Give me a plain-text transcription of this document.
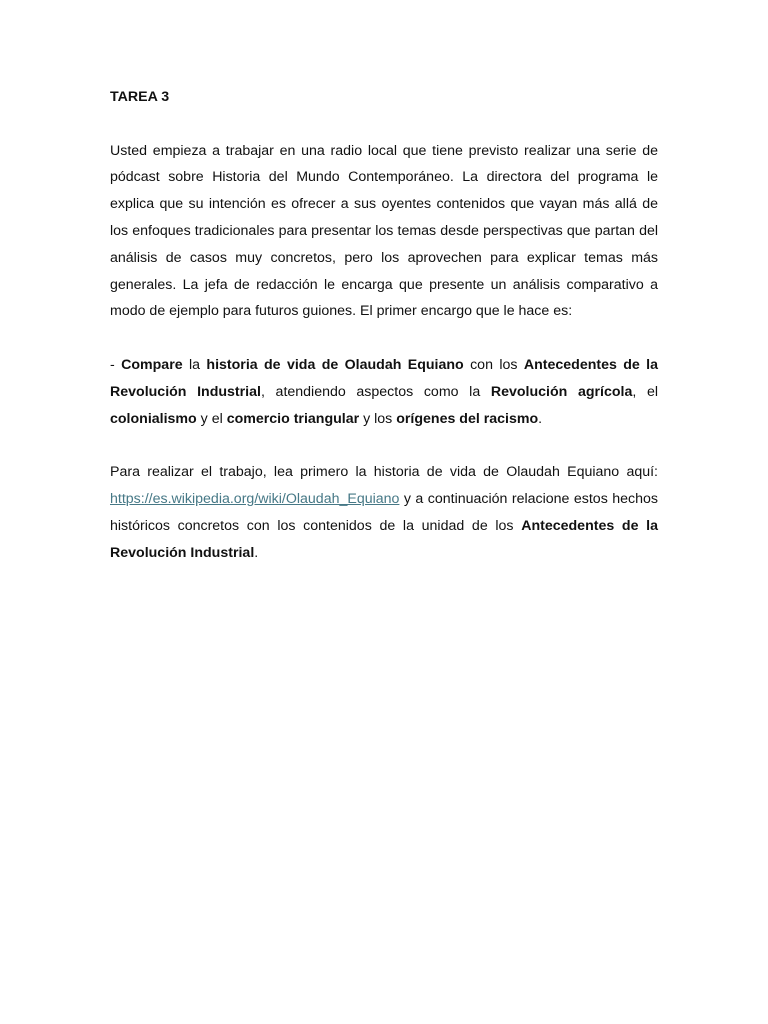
TAREA 3

Usted empieza a trabajar en una radio local que tiene previsto realizar una serie de pódcast sobre Historia del Mundo Contemporáneo. La directora del programa le explica que su intención es ofrecer a sus oyentes contenidos que vayan más allá de los enfoques tradicionales para presentar los temas desde perspectivas que partan del análisis de casos muy concretos, pero los aprovechen para explicar temas más generales. La jefa de redacción le encarga que presente un análisis comparativo a modo de ejemplo para futuros guiones. El primer encargo que le hace es:

- Compare la historia de vida de Olaudah Equiano con los Antecedentes de la Revolución Industrial, atendiendo aspectos como la Revolución agrícola, el colonialismo y el comercio triangular y los orígenes del racismo.

Para realizar el trabajo, lea primero la historia de vida de Olaudah Equiano aquí: https://es.wikipedia.org/wiki/Olaudah_Equiano y a continuación relacione estos hechos históricos concretos con los contenidos de la unidad de los Antecedentes de la Revolución Industrial.
